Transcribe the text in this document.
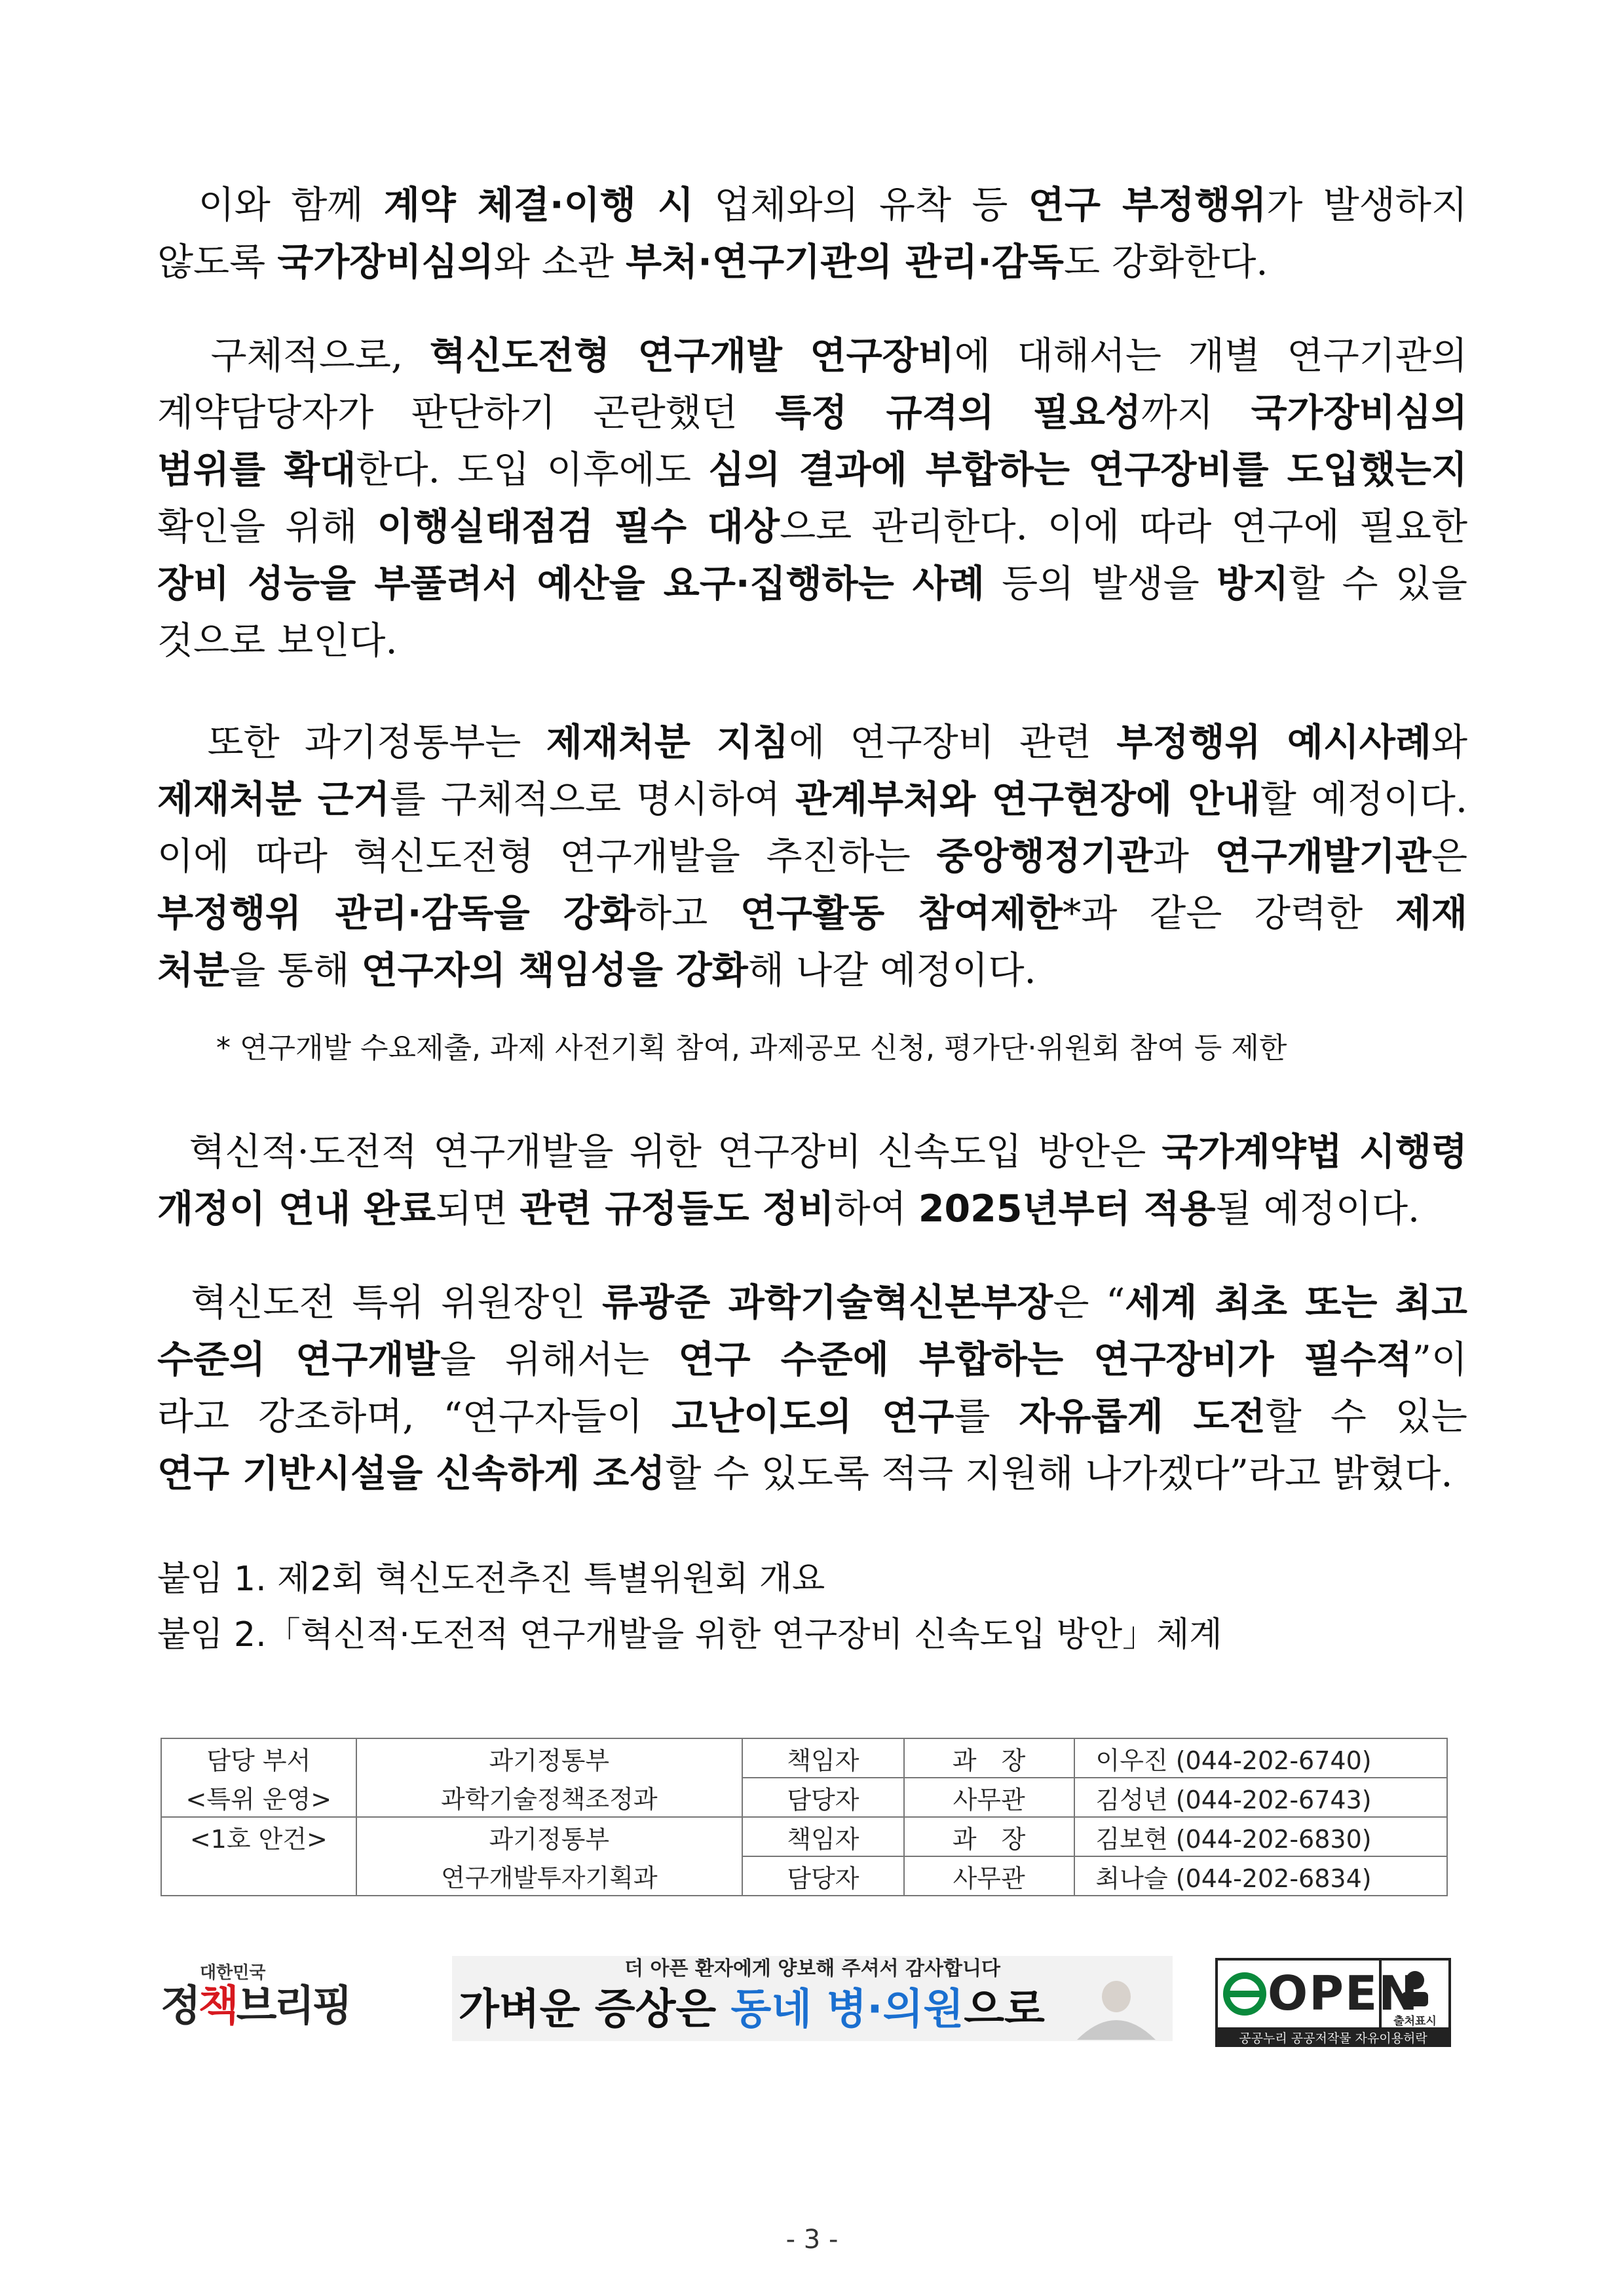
이와 함께 계약 체결·이행 시 업체와의 유착 등 연구 부정행위가 발생하지
않도록 국가장비심의와 소관 부처·연구기관의 관리·감독도 강화한다.
구체적으로, 혁신도전형 연구개발 연구장비에 대해서는 개별 연구기관의
계약담당자가 판단하기 곤란했던 특정 규격의 필요성까지 국가장비심의
범위를 확대한다. 도입 이후에도 심의 결과에 부합하는 연구장비를 도입했는지
확인을 위해 이행실태점검 필수 대상으로 관리한다. 이에 따라 연구에 필요한
장비 성능을 부풀려서 예산을 요구·집행하는 사례 등의 발생을 방지할 수 있을
것으로 보인다.
또한 과기정통부는 제재처분 지침에 연구장비 관련 부정행위 예시사례와
제재처분 근거를 구체적으로 명시하여 관계부처와 연구현장에 안내할 예정이다.
이에 따라 혁신도전형 연구개발을 추진하는 중앙행정기관과 연구개발기관은
부정행위 관리·감독을 강화하고 연구활동 참여제한*과 같은 강력한 제재
처분을 통해 연구자의 책임성을 강화해 나갈 예정이다.
혁신적·도전적 연구개발을 위한 연구장비 신속도입 방안은 국가계약법 시행령
개정이 연내 완료되면 관련 규정들도 정비하여 2025년부터 적용될 예정이다.
혁신도전 특위 위원장인 류광준 과학기술혁신본부장은 “세계 최초 또는 최고
수준의 연구개발을 위해서는 연구 수준에 부합하는 연구장비가 필수적”이
라고 강조하며, “연구자들이 고난이도의 연구를 자유롭게 도전할 수 있는
연구 기반시설을 신속하게 조성할 수 있도록 적극 지원해 나가겠다”라고 밝혔다.
* 연구개발 수요제출, 과제 사전기획 참여, 과제공모 신청, 평가단·위원회 참여 등 제한
붙임 1. 제2회 혁신도전추진 특별위원회 개요
붙임 2.「혁신적·도전적 연구개발을 위한 연구장비 신속도입 방안」체계
담당 부서	과기정통부	책임자	과　장	이우진 (044-202-6740)
<특위 운영>	과학기술정책조정과	담당자	사무관	김성년 (044-202-6743)
<1호 안건>	과기정통부	책임자	과　장	김보현 (044-202-6830)
	연구개발투자기획과	담당자	사무관	최나슬 (044-202-6834)
대한민국
정책브리핑
더 아픈 환자에게 양보해 주셔서 감사합니다
가벼운 증상은 동네 병·의원으로	OPEN
출처표시
공공누리 공공저작물 자유이용허락
- 3 -
